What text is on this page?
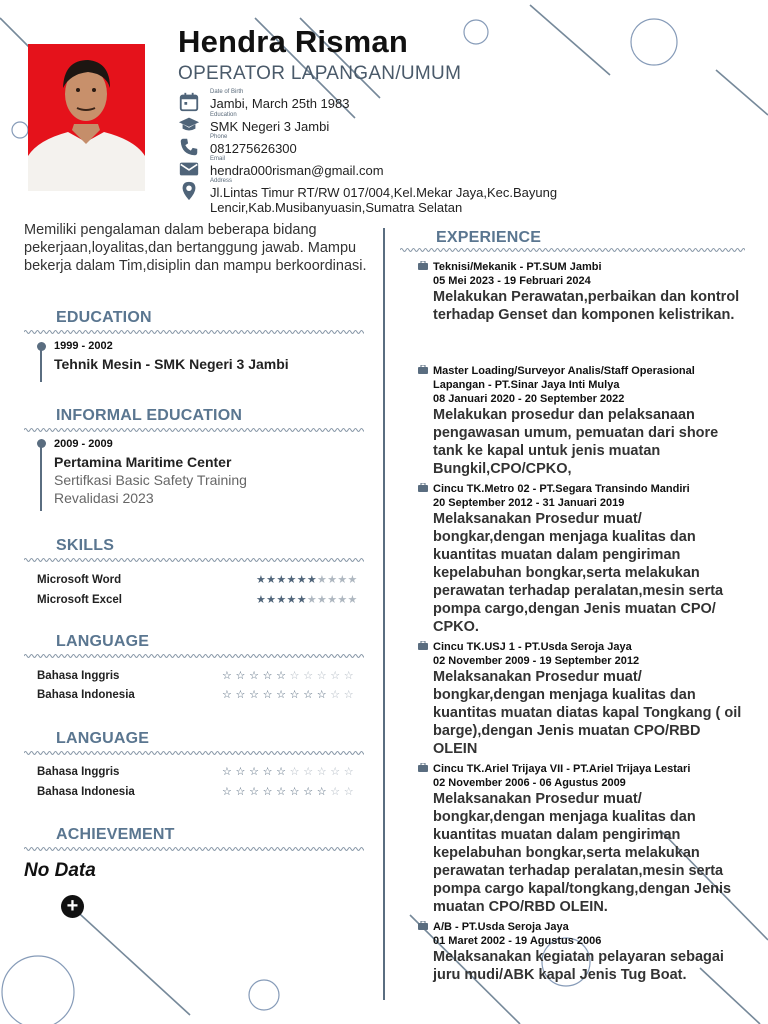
Hendra Risman
OPERATOR LAPANGAN/UMUM
Date of Birth
Jambi, March 25th 1983
Education
SMK Negeri 3 Jambi
Phone
081275626300
Email
hendra000risman@gmail.com
Address
Jl.Lintas Timur RT/RW 017/004,Kel.Mekar Jaya,Kec.Bayung Lencir,Kab.Musibanyuasin,Sumatra Selatan
Memiliki pengalaman dalam beberapa bidang pekerjaan,loyalitas,dan bertanggung jawab. Mampu bekerja dalam Tim,disiplin dan mampu berkoordinasi.
EDUCATION
1999 - 2002
Tehnik Mesin - SMK Negeri 3 Jambi
INFORMAL EDUCATION
2009 - 2009
Pertamina Maritime Center
Sertifkasi Basic Safety Training Revalidasi 2023
SKILLS
Microsoft Word	★★★★★★★★★★
Microsoft Excel	★★★★★★★★★★
LANGUAGE
Bahasa Inggris	☆ ☆ ☆ ☆ ☆ ☆ ☆ ☆ ☆ ☆
Bahasa Indonesia	☆ ☆ ☆ ☆ ☆ ☆ ☆ ☆ ☆ ☆
LANGUAGE
Bahasa Inggris	☆ ☆ ☆ ☆ ☆ ☆ ☆ ☆ ☆ ☆
Bahasa Indonesia	☆ ☆ ☆ ☆ ☆ ☆ ☆ ☆ ☆ ☆
ACHIEVEMENT
No Data
+
EXPERIENCE
Teknisi/Mekanik - PT.SUM Jambi
05 Mei 2023 - 19 Februari 2024
Melakukan Perawatan,perbaikan dan kontrol terhadap Genset dan komponen kelistrikan.
Master Loading/Surveyor Analis/Staff Operasional Lapangan - PT.Sinar Jaya Inti Mulya
08 Januari 2020 - 20 September 2022
Melakukan prosedur dan pelaksanaan pengawasan umum, pemuatan dari shore tank ke kapal untuk jenis muatan Bungkil,CPO/CPKO,
Cincu TK.Metro 02 - PT.Segara Transindo Mandiri
20 September 2012 - 31 Januari 2019
Melaksanakan Prosedur muat/ bongkar,dengan menjaga kualitas dan kuantitas muatan dalam pengiriman kepelabuhan bongkar,serta melakukan perawatan terhadap peralatan,mesin serta pompa cargo,dengan Jenis muatan CPO/ CPKO.
Cincu TK.USJ 1 - PT.Usda Seroja Jaya
02 November 2009 - 19 September 2012
Melaksanakan Prosedur muat/ bongkar,dengan menjaga kualitas dan kuantitas muatan diatas kapal Tongkang ( oil barge),dengan Jenis muatan CPO/RBD OLEIN
Cincu TK.Ariel Trijaya VII - PT.Ariel Trijaya Lestari
02 November 2006 - 06 Agustus 2009
Melaksanakan Prosedur muat/ bongkar,dengan menjaga kualitas dan kuantitas muatan dalam pengiriman kepelabuhan bongkar,serta melakukan perawatan terhadap peralatan,mesin serta pompa cargo kapal/tongkang,dengan Jenis muatan CPO/RBD OLEIN.
A/B - PT.Usda Seroja Jaya
01 Maret 2002 - 19 Agustus 2006
Melaksanakan kegiatan pelayaran sebagai juru mudi/ABK kapal Jenis Tug Boat.
